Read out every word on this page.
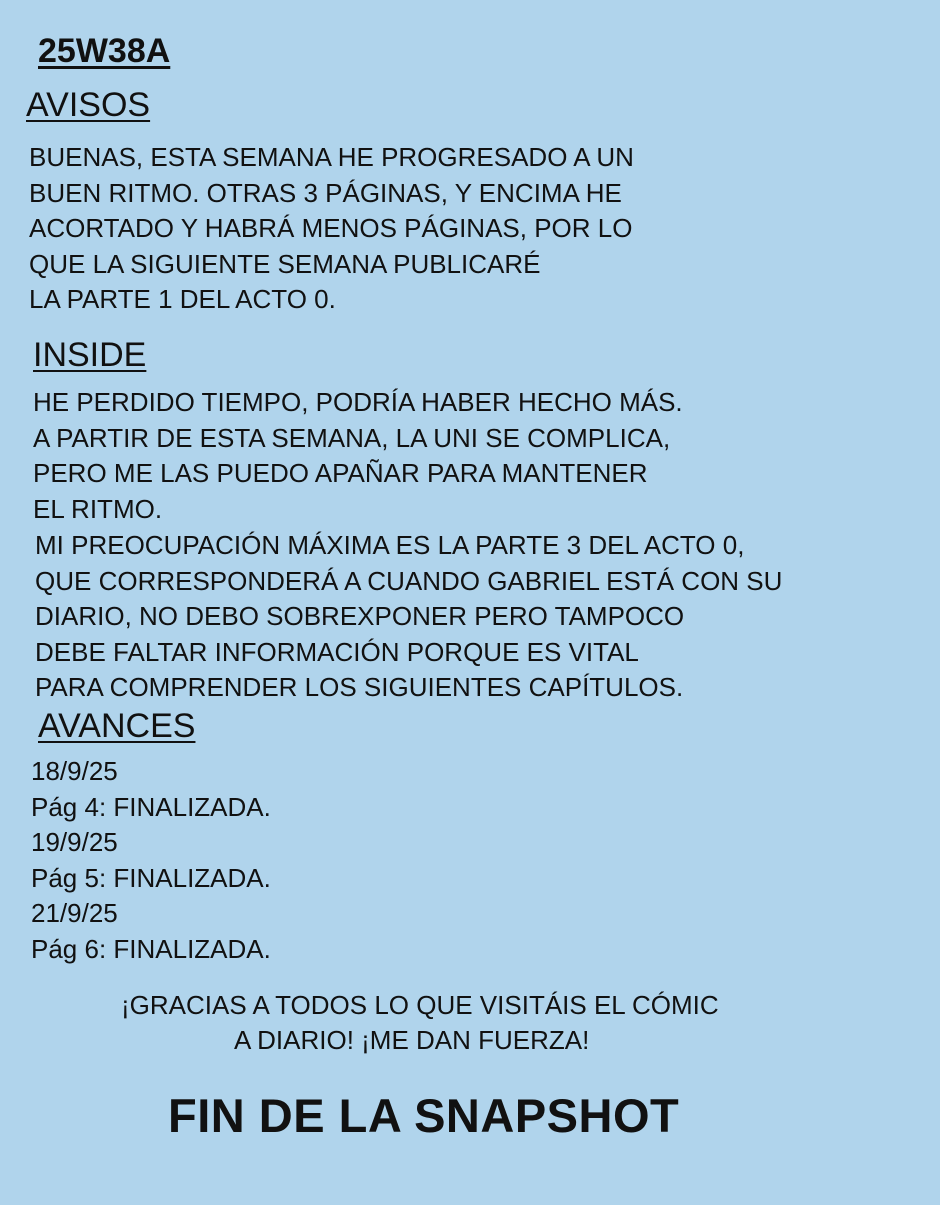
25W38A
AVISOS
BUENAS, ESTA SEMANA HE PROGRESADO A UN
BUEN RITMO. OTRAS 3 PÁGINAS, Y ENCIMA HE
ACORTADO Y HABRÁ MENOS PÁGINAS, POR LO
QUE LA SIGUIENTE SEMANA PUBLICARÉ
LA PARTE 1 DEL ACTO 0.
INSIDE
HE PERDIDO TIEMPO, PODRÍA HABER HECHO MÁS.
A PARTIR DE ESTA SEMANA, LA UNI SE COMPLICA,
PERO ME LAS PUEDO APAÑAR PARA MANTENER
EL RITMO.
MI PREOCUPACIÓN MÁXIMA ES LA PARTE 3 DEL ACTO 0,
QUE CORRESPONDERÁ A CUANDO GABRIEL ESTÁ CON SU
DIARIO, NO DEBO SOBREXPONER PERO TAMPOCO
DEBE FALTAR INFORMACIÓN PORQUE ES VITAL
PARA COMPRENDER LOS SIGUIENTES CAPÍTULOS.
AVANCES
18/9/25
Pág 4: FINALIZADA.
19/9/25
Pág 5: FINALIZADA.
21/9/25
Pág 6: FINALIZADA.
¡GRACIAS A TODOS LO QUE VISITÁIS EL CÓMIC
A DIARIO! ¡ME DAN FUERZA!
FIN DE LA SNAPSHOT
